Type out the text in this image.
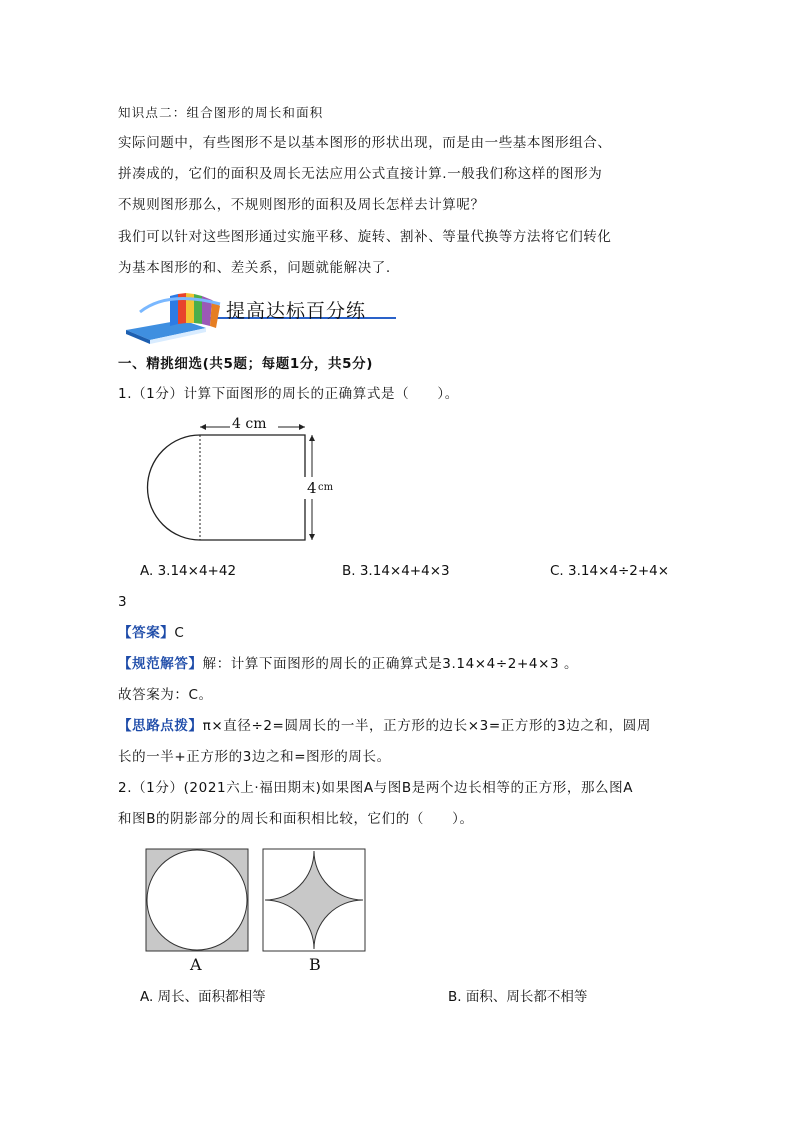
知识点二：组合图形的周长和面积
实际问题中，有些图形不是以基本图形的形状出现，而是由一些基本图形组合、
拼凑成的，它们的面积及周长无法应用公式直接计算.一般我们称这样的图形为
不规则图形那么，不规则图形的面积及周长怎样去计算呢？
我们可以针对这些图形通过实施平移、旋转、割补、等量代换等方法将它们转化
为基本图形的和、差关系，问题就能解决了.
提高达标百分练
一、精挑细选(共5题；每题1分，共5分)
1.（1分）计算下面图形的周长的正确算式是（　　）。
4 cm
4 cm
A. 3.14×4+42	B. 3.14×4+4×3	C. 3.14×4÷2+4×
3
【答案】C
【规范解答】解：计算下面图形的周长的正确算式是3.14×4÷2+4×3 。
故答案为：C。
【思路点拨】π×直径÷2=圆周长的一半，正方形的边长×3=正方形的3边之和，圆周
长的一半+正方形的3边之和=图形的周长。
2.（1分）(2021六上·福田期末)如果图A与图B是两个边长相等的正方形，那么图A
和图B的阴影部分的周长和面积相比较，它们的（　　）。
A	B
A. 周长、面积都相等	B. 面积、周长都不相等
